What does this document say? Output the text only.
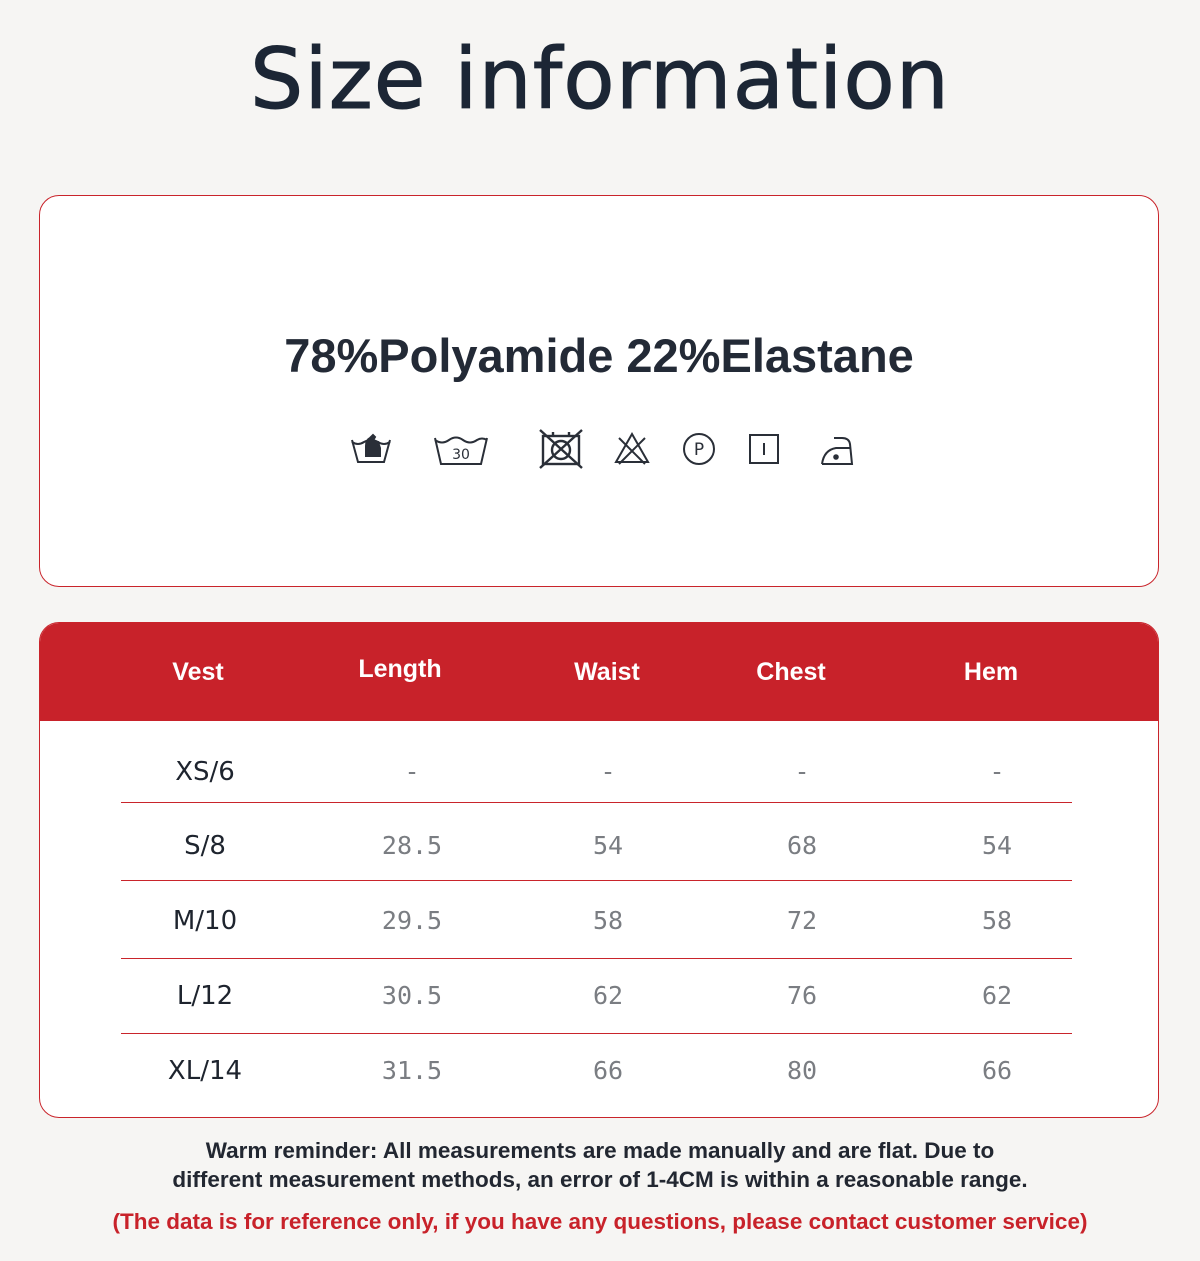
Size information
78%Polyamide 22%Elastane
30	P
Vest	Length	Waist	Chest	Hem
XS/6	-	-	-	-
S/8	28.5	54	68	54
M/10	29.5	58	72	58
L/12	30.5	62	76	62
XL/14	31.5	66	80	66
Warm reminder: All measurements are made manually and are flat. Due to
different measurement methods, an error of 1-4CM is within a reasonable range.
(The data is for reference only, if you have any questions, please contact customer service)
